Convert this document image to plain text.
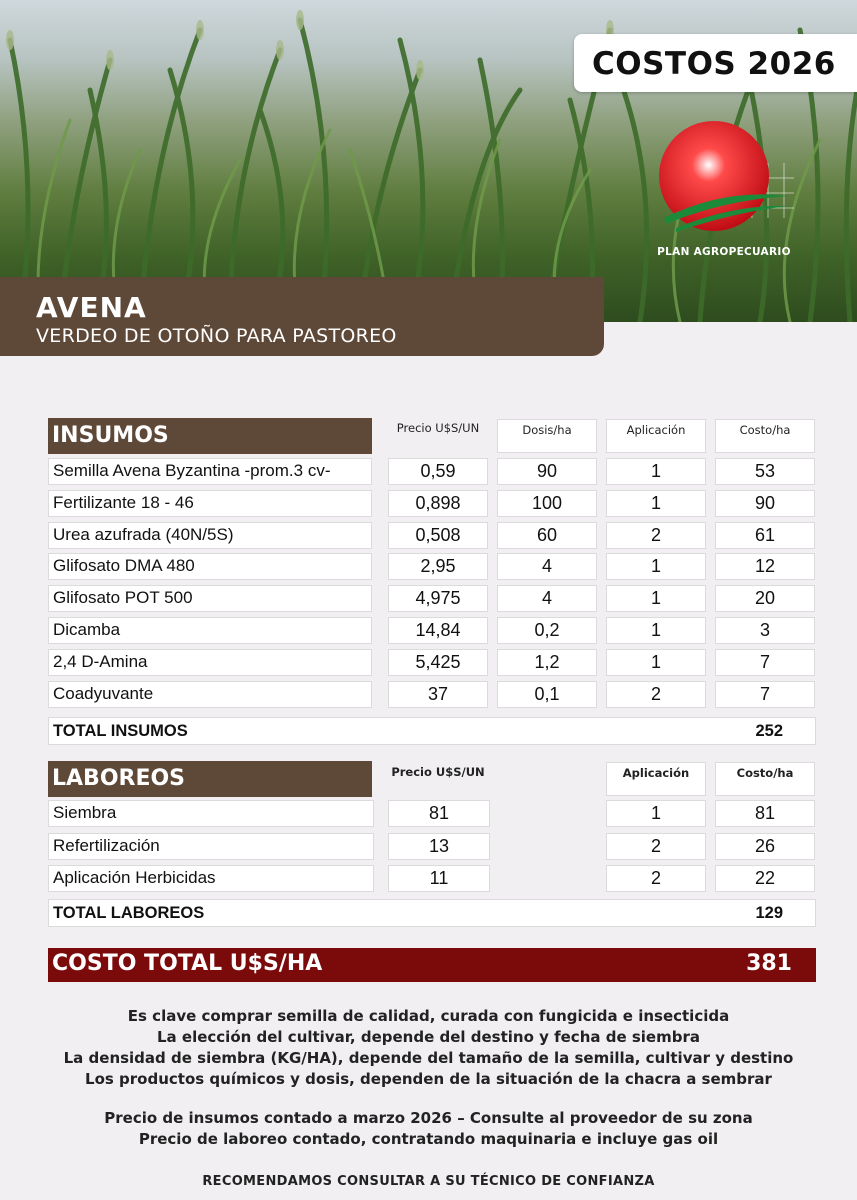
COSTOS 2026
PLAN AGROPECUARIO
AVENA
VERDEO DE OTOÑO PARA PASTOREO
INSUMOS	Precio U$S/UN	Dosis/ha	Aplicación	Costo/ha
Semilla Avena Byzantina -prom.3 cv-	0,59	90	1	53
Fertilizante 18 - 46	0,898	100	1	90
Urea azufrada (40N/5S)	0,508	60	2	61
Glifosato DMA 480	2,95	4	1	12
Glifosato POT 500	4,975	4	1	20
Dicamba	14,84	0,2	1	3
2,4 D-Amina	5,425	1,2	1	7
Coadyuvante	37	0,1	2	7
TOTAL INSUMOS	252
LABOREOS	Precio U$S/UN	Aplicación	Costo/ha
Siembra	81	1	81
Refertilización	13	2	26
Aplicación Herbicidas	11	2	22
TOTAL LABOREOS	129
COSTO TOTAL U$S/HA	381
Es clave comprar semilla de calidad, curada con fungicida e insecticida
La elección del cultivar, depende del destino y fecha de siembra
La densidad de siembra (KG/HA), depende del tamaño de la semilla, cultivar y destino
Los productos químicos y dosis, dependen de la situación de la chacra a sembrar
Precio de insumos contado a marzo 2026 – Consulte al proveedor de su zona
Precio de laboreo contado, contratando maquinaria e incluye gas oil
RECOMENDAMOS CONSULTAR A SU TÉCNICO DE CONFIANZA
